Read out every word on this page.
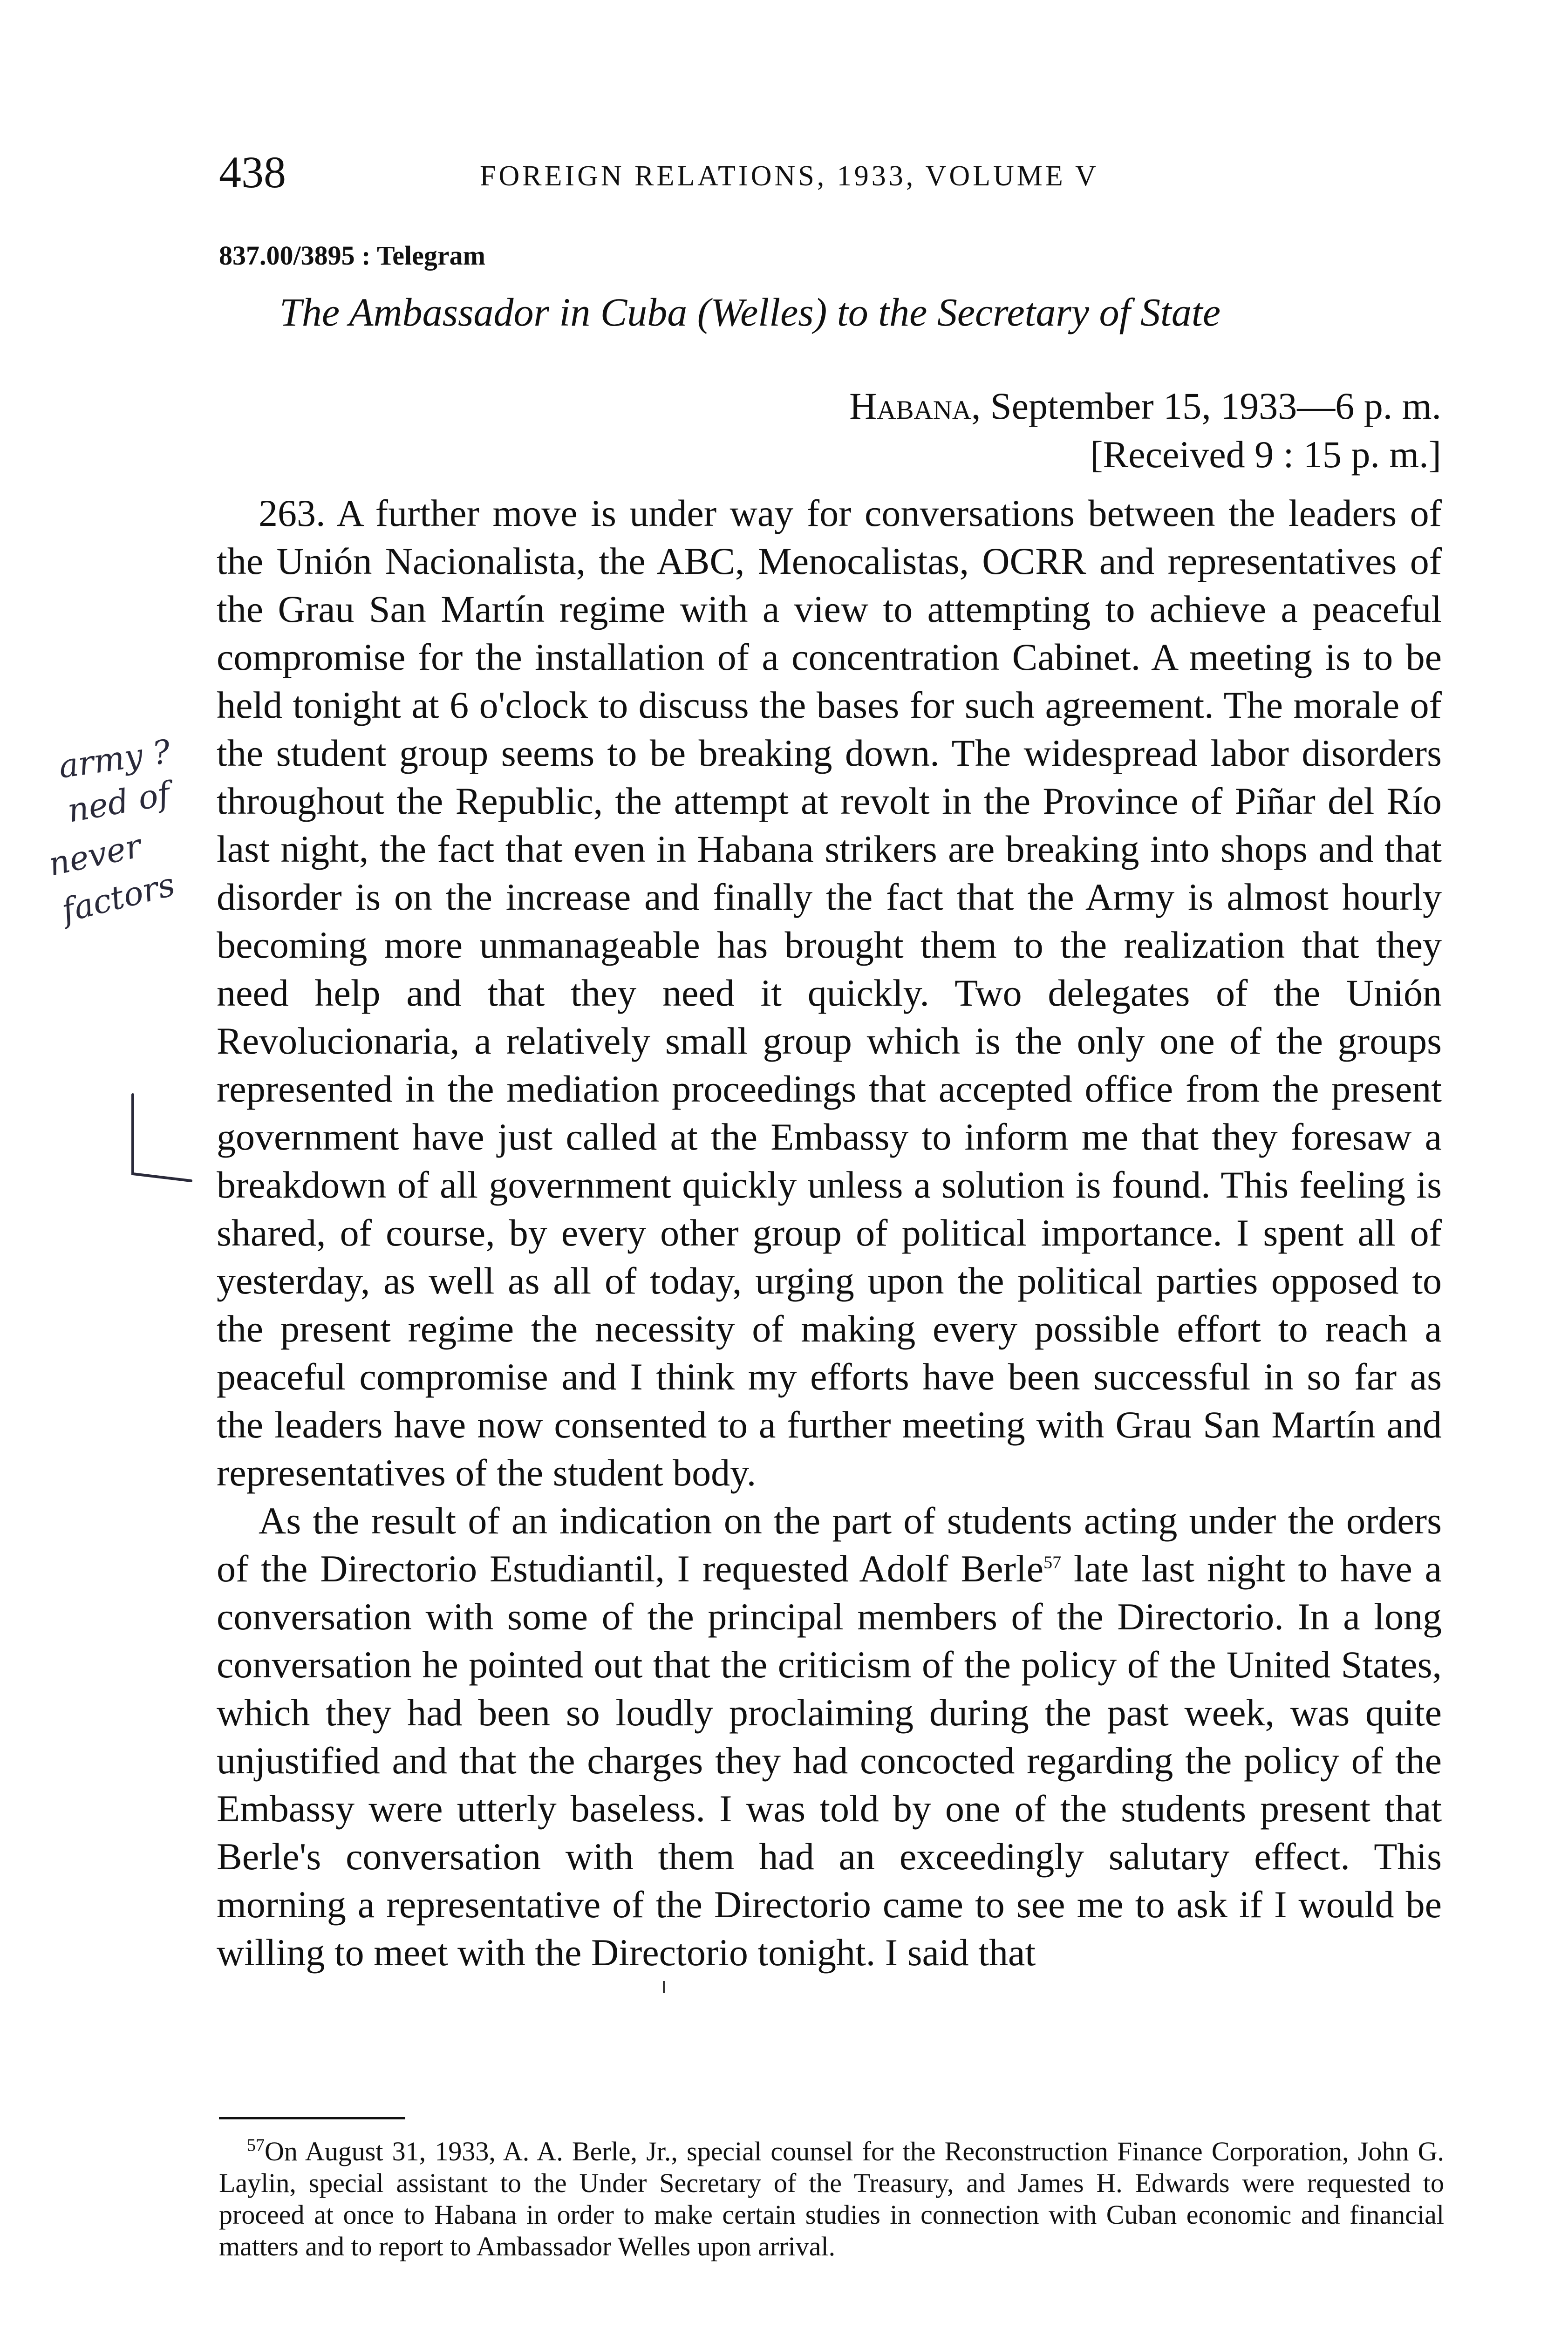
438	FOREIGN RELATIONS, 1933, VOLUME V
837.00/3895 : Telegram
The Ambassador in Cuba (Welles) to the Secretary of State
Habana, September 15, 1933—6 p. m.
[Received 9 : 15 p. m.]

263. A further move is under way for conversations between the leaders of the Unión Nacionalista, the ABC, Menocalistas, OCRR and representatives of the Grau San Martín regime with a view to attempting to achieve a peaceful compromise for the installation of a concentration Cabinet. A meeting is to be held tonight at 6 o'clock to discuss the bases for such agreement. The morale of the student group seems to be breaking down. The widespread labor disorders throughout the Republic, the attempt at revolt in the Province of Piñar del Río last night, the fact that even in Habana strikers are breaking into shops and that disorder is on the increase and finally the fact that the Army is almost hourly becoming more unmanageable has brought them to the realization that they need help and that they need it quickly. Two delegates of the Unión Revolucionaria, a relatively small group which is the only one of the groups represented in the mediation proceedings that accepted office from the present government have just called at the Embassy to inform me that they foresaw a breakdown of all government quickly unless a solution is found. This feeling is shared, of course, by every other group of political importance. I spent all of yesterday, as well as all of today, urging upon the political parties opposed to the present regime the necessity of making every possible effort to reach a peaceful compromise and I think my efforts have been successful in so far as the leaders have now consented to a further meeting with Grau San Martín and representatives of the student body.

As the result of an indication on the part of students acting under the orders of the Directorio Estudiantil, I requested Adolf Berle$^{57}$ late last night to have a conversation with some of the principal members of the Directorio. In a long conversation he pointed out that the criticism of the policy of the United States, which they had been so loudly proclaiming during the past week, was quite unjustified and that the charges they had concocted regarding the policy of the Embassy were utterly baseless. I was told by one of the students present that Berle's conversation with them had an exceedingly salutary effect. This morning a representative of the Directorio came to see me to ask if I would be willing to meet with the Directorio tonight. I said that

$^{57}$On August 31, 1933, A. A. Berle, Jr., special counsel for the Reconstruction Finance Corporation, John G. Laylin, special assistant to the Under Secretary of the Treasury, and James H. Edwards were requested to proceed at once to Habana in order to make certain studies in connection with Cuban economic and financial matters and to report to Ambassador Welles upon arrival.
army ?
ned of
never
factors
